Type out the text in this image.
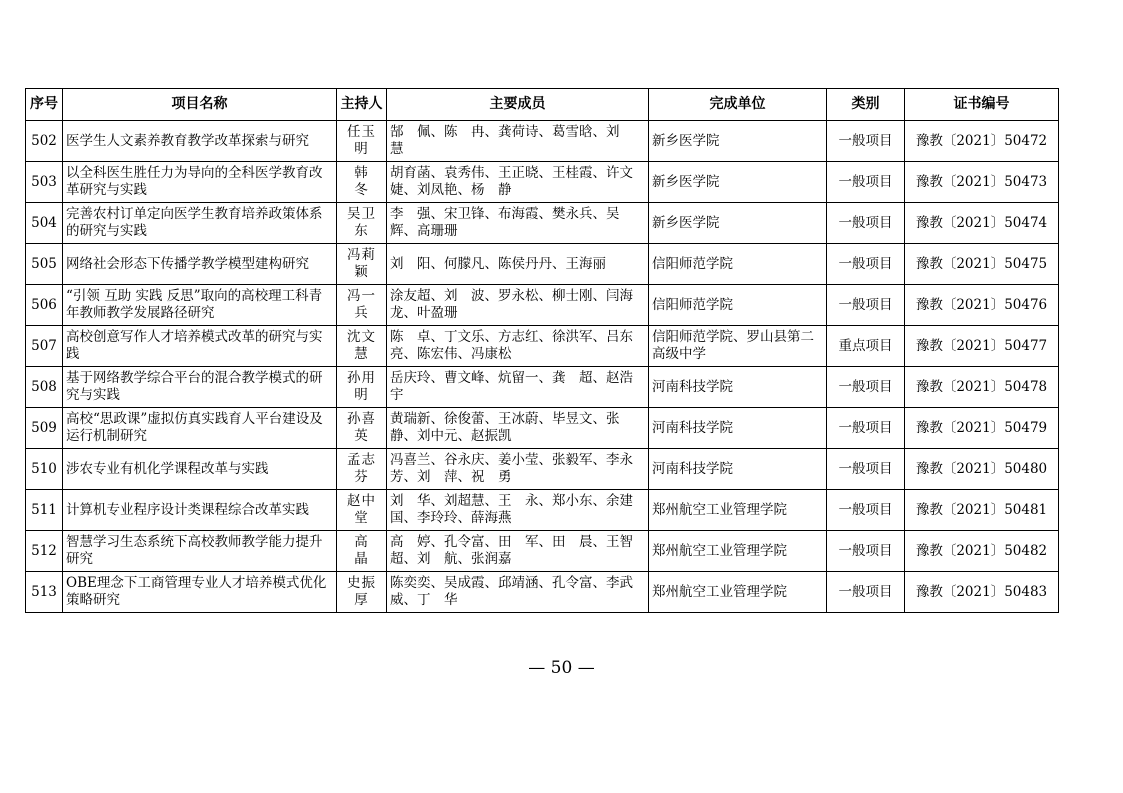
序号	项目名称	主持人	主要成员	完成单位	类别	证书编号
502	医学生人文素养教育教学改革探索与研究	任玉明	郜　佩、陈　冉、龚荷诗、葛雪晗、刘　慧	新乡医学院	一般项目	豫教〔2021〕50472
503	以全科医生胜任力为导向的全科医学教育改革研究与实践	韩　冬	胡育菡、袁秀伟、王正晓、王桂霞、许文婕、刘凤艳、杨　静	新乡医学院	一般项目	豫教〔2021〕50473
504	完善农村订单定向医学生教育培养政策体系的研究与实践	吴卫东	李　强、宋卫锋、布海霞、樊永兵、吴　辉、高珊珊	新乡医学院	一般项目	豫教〔2021〕50474
505	网络社会形态下传播学教学模型建构研究	冯莉颖	刘　阳、何朦凡、陈侯丹丹、王海丽	信阳师范学院	一般项目	豫教〔2021〕50475
506	“引领 互助 实践 反思”取向的高校理工科青年教师教学发展路径研究	冯一兵	涂友超、刘　波、罗永松、柳士刚、闫海龙、叶盈珊	信阳师范学院	一般项目	豫教〔2021〕50476
507	高校创意写作人才培养模式改革的研究与实践	沈文慧	陈　卓、丁文乐、方志红、徐洪军、吕东亮、陈宏伟、冯康松	信阳师范学院、罗山县第二高级中学	重点项目	豫教〔2021〕50477
508	基于网络教学综合平台的混合教学模式的研究与实践	孙用明	岳庆玲、曹文峰、炕留一、龚　超、赵浩宇	河南科技学院	一般项目	豫教〔2021〕50478
509	高校“思政课”虚拟仿真实践育人平台建设及运行机制研究	孙喜英	黄瑞新、徐俊蕾、王冰蔚、毕昱文、张　静、刘中元、赵振凯	河南科技学院	一般项目	豫教〔2021〕50479
510	涉农专业有机化学课程改革与实践	孟志芬	冯喜兰、谷永庆、姜小莹、张毅军、李永芳、刘　萍、祝　勇	河南科技学院	一般项目	豫教〔2021〕50480
511	计算机专业程序设计类课程综合改革实践	赵中堂	刘　华、刘超慧、王　永、郑小东、余建国、李玲玲、薛海燕	郑州航空工业管理学院	一般项目	豫教〔2021〕50481
512	智慧学习生态系统下高校教师教学能力提升研究	高　晶	高　婷、孔令富、田　军、田　晨、王智超、刘　航、张润嘉	郑州航空工业管理学院	一般项目	豫教〔2021〕50482
513	OBE理念下工商管理专业人才培养模式优化策略研究	史振厚	陈奕奕、吴成霞、邱靖涵、孔令富、李武威、丁　华	郑州航空工业管理学院	一般项目	豫教〔2021〕50483
— 50 —
